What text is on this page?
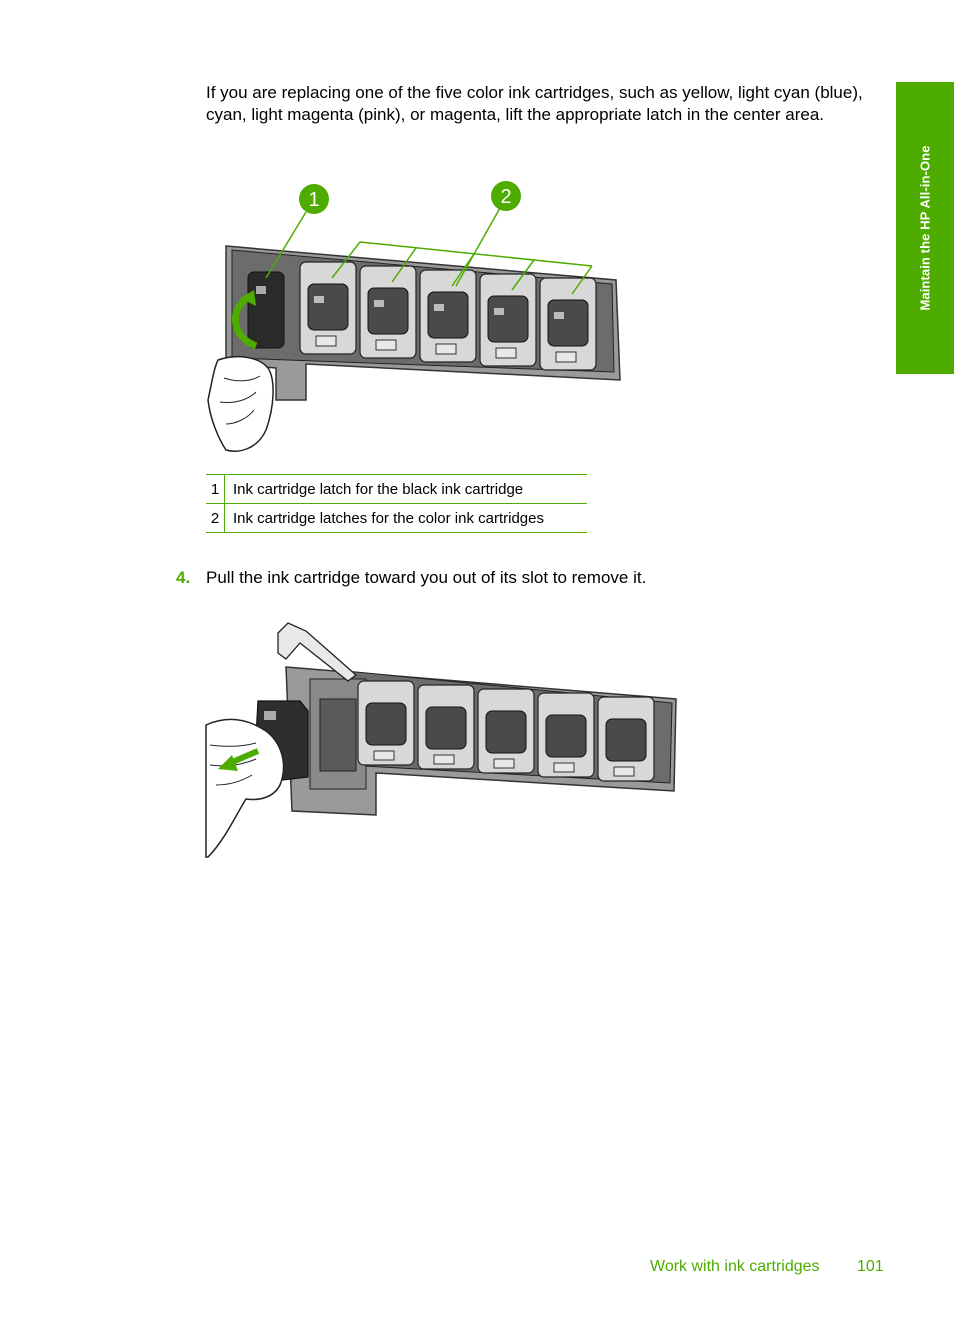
Maintain the HP All-in-One

If you are replacing one of the five color ink cartridges, such as yellow, light cyan (blue), cyan, light magenta (pink), or magenta, lift the appropriate latch in the center area.

1	2
1	Ink cartridge latch for the black ink cartridge
2	Ink cartridge latches for the color ink cartridges
4. Pull the ink cartridge toward you out of its slot to remove it.
Work with ink cartridges 101
